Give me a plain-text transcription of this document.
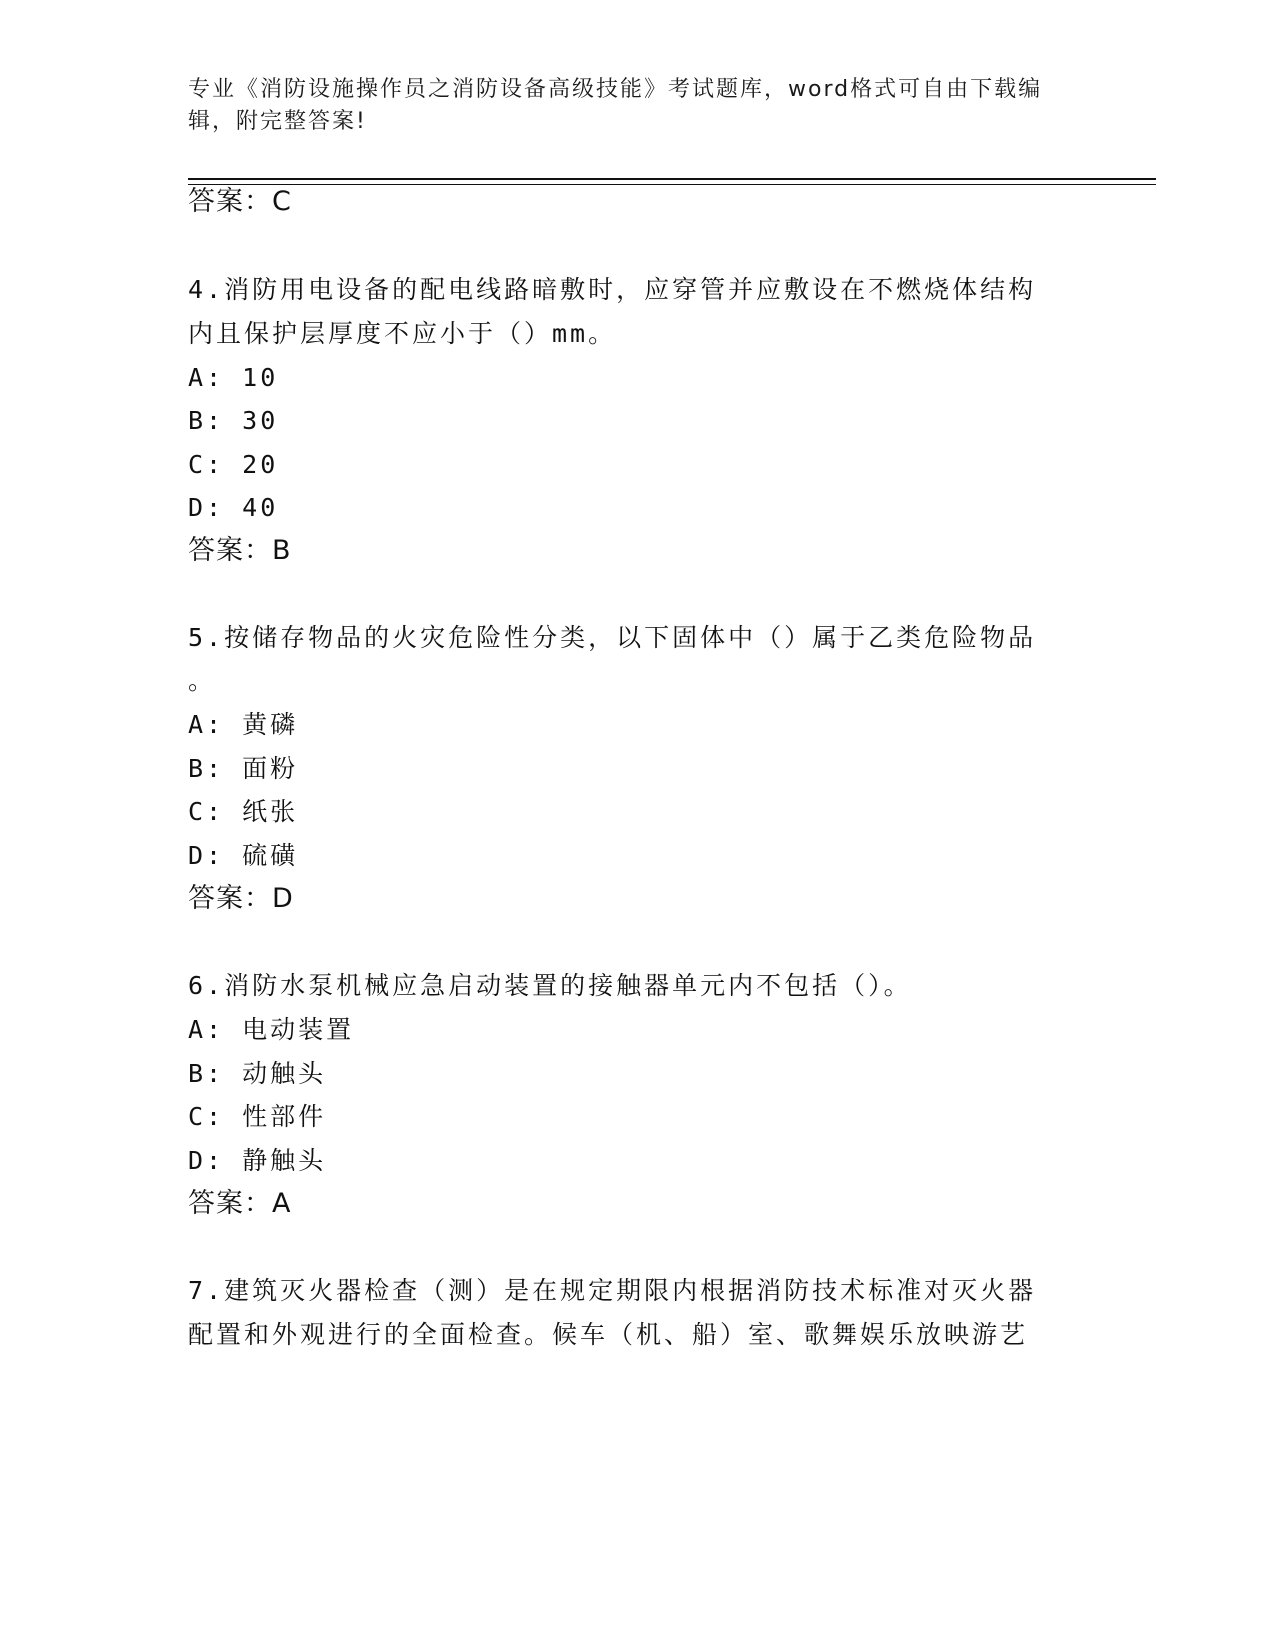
专业《消防设施操作员之消防设备高级技能》考试题库，word格式可自由下载编
辑，附完整答案!
答案：C
4.消防用电设备的配电线路暗敷时，应穿管并应敷设在不燃烧体结构
内且保护层厚度不应小于（）mm。
A: 10
B: 30
C: 20
D: 40
答案：B
5.按储存物品的火灾危险性分类，以下固体中（）属于乙类危险物品
。
A: 黄磷
B: 面粉
C: 纸张
D: 硫磺
答案：D
6.消防水泵机械应急启动装置的接触器单元内不包括（）。
A: 电动装置
B: 动触头
C: 性部件
D: 静触头
答案：A
7.建筑灭火器检查（测）是在规定期限内根据消防技术标准对灭火器
配置和外观进行的全面检查。候车（机、船）室、歌舞娱乐放映游艺
